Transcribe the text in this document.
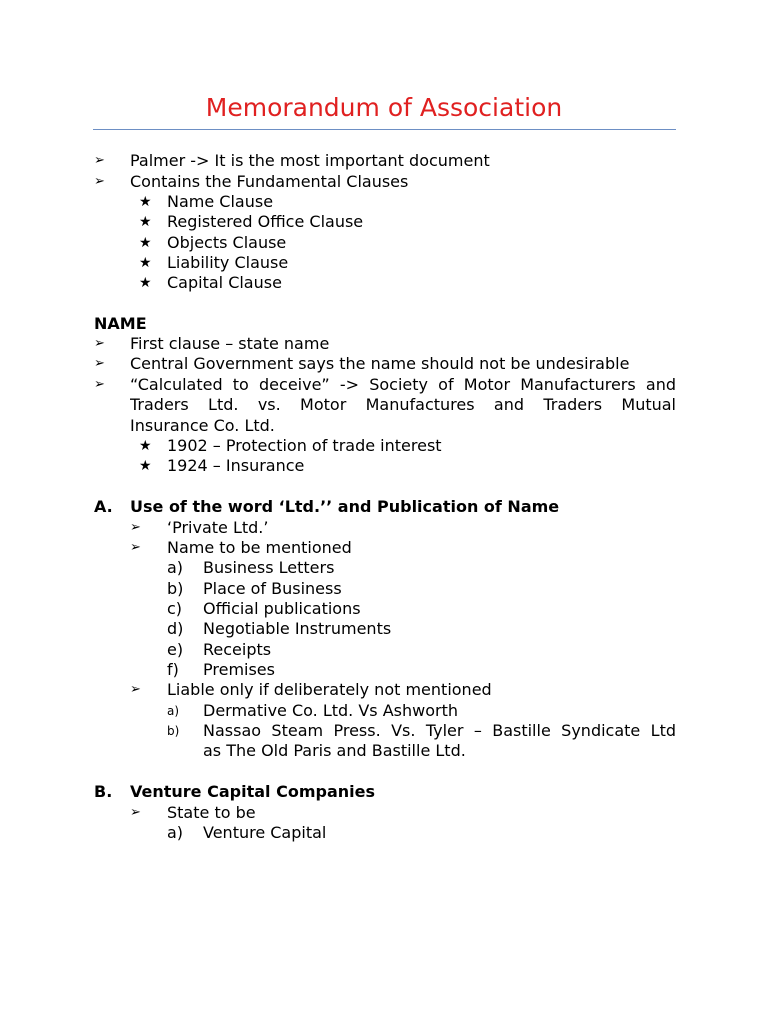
Memorandum of Association
➢ Palmer -> It is the most important document
➢ Contains the Fundamental Clauses
★ Name Clause
★ Registered Office Clause
★ Objects Clause
★ Liability Clause
★ Capital Clause
NAME
➢ First clause – state name
➢ Central Government says the name should not be undesirable
➢ “Calculated to deceive” -> Society of Motor Manufacturers and
Traders Ltd. vs. Motor Manufactures and Traders Mutual
Insurance Co. Ltd.
★ 1902 – Protection of trade interest
★ 1924 – Insurance
A. Use of the word ‘Ltd.’’ and Publication of Name
➢ ‘Private Ltd.’
➢ Name to be mentioned
a) Business Letters
b) Place of Business
c) Official publications
d) Negotiable Instruments
e) Receipts
f) Premises
➢ Liable only if deliberately not mentioned
a) Dermative Co. Ltd. Vs Ashworth
b) Nassao Steam Press. Vs. Tyler – Bastille Syndicate Ltd
as The Old Paris and Bastille Ltd.
B. Venture Capital Companies
➢ State to be
a) Venture Capital
